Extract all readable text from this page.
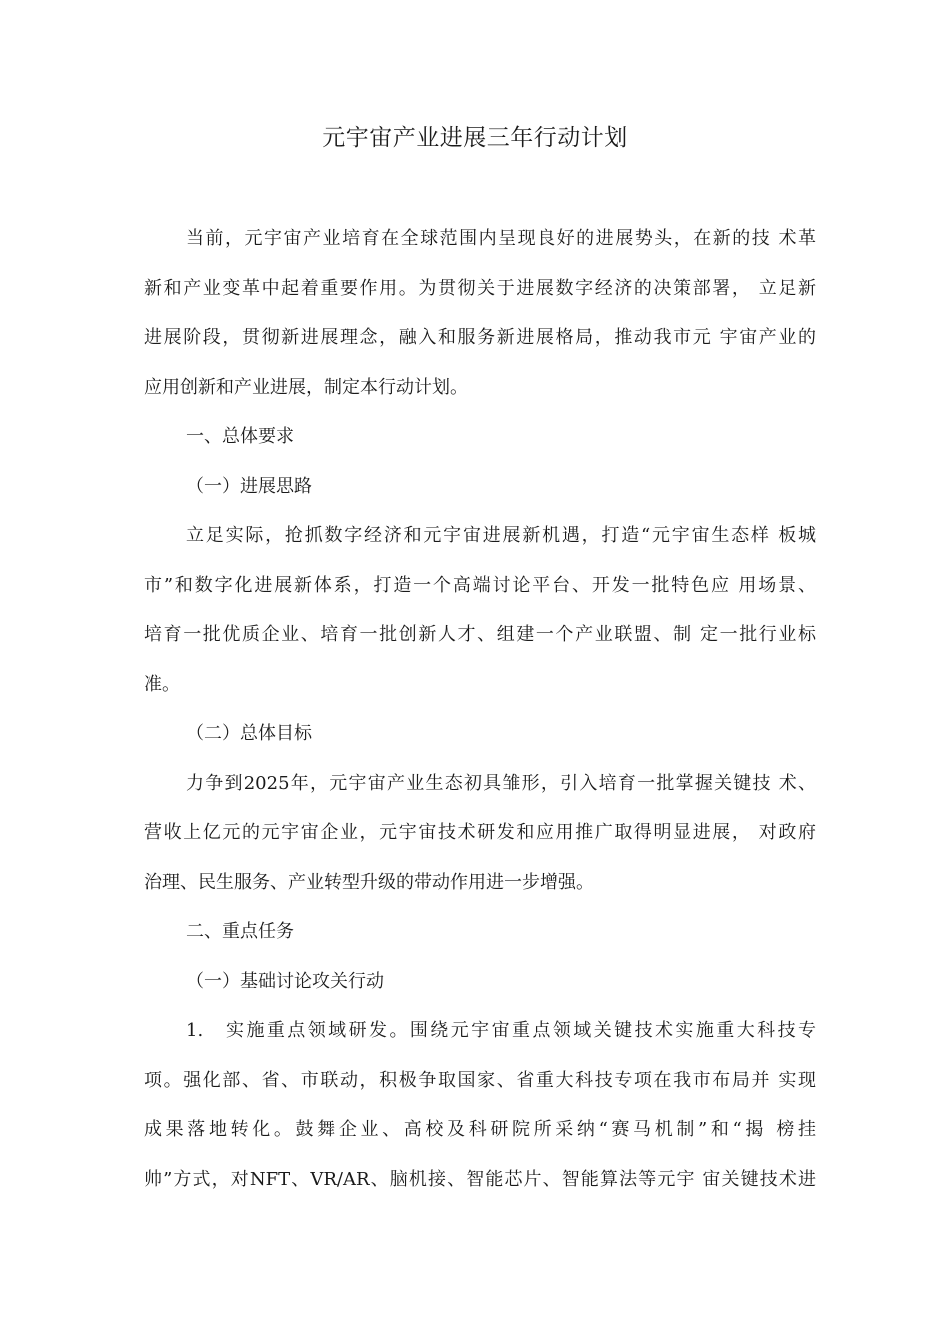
元宇宙产业进展三年行动计划
当前，元宇宙产业培育在全球范围内呈现良好的进展势头，在新的技 术革
新和产业变革中起着重要作用。为贯彻关于进展数字经济的决策部署， 立足新
进展阶段，贯彻新进展理念，融入和服务新进展格局，推动我市元 宇宙产业的
应用创新和产业进展，制定本行动计划。
一、总体要求
（一）进展思路
立足实际，抢抓数字经济和元宇宙进展新机遇，打造“元宇宙生态样 板城
市”和数字化进展新体系，打造一个高端讨论平台、开发一批特色应 用场景、
培育一批优质企业、培育一批创新人才、组建一个产业联盟、制 定一批行业标
准。
（二）总体目标
力争到2025年，元宇宙产业生态初具雏形，引入培育一批掌握关键技 术、
营收上亿元的元宇宙企业，元宇宙技术研发和应用推广取得明显进展， 对政府
治理、民生服务、产业转型升级的带动作用进一步增强。
二、重点任务
（一）基础讨论攻关行动
1.　实施重点领域研发。围绕元宇宙重点领域关键技术实施重大科技专
项。强化部、省、市联动，积极争取国家、省重大科技专项在我市布局并 实现
成果落地转化。鼓舞企业、高校及科研院所采纳“赛马机制”和“揭 榜挂
帅”方式，对NFT、VR/AR、脑机接、智能芯片、智能算法等元宇 宙关键技术进
